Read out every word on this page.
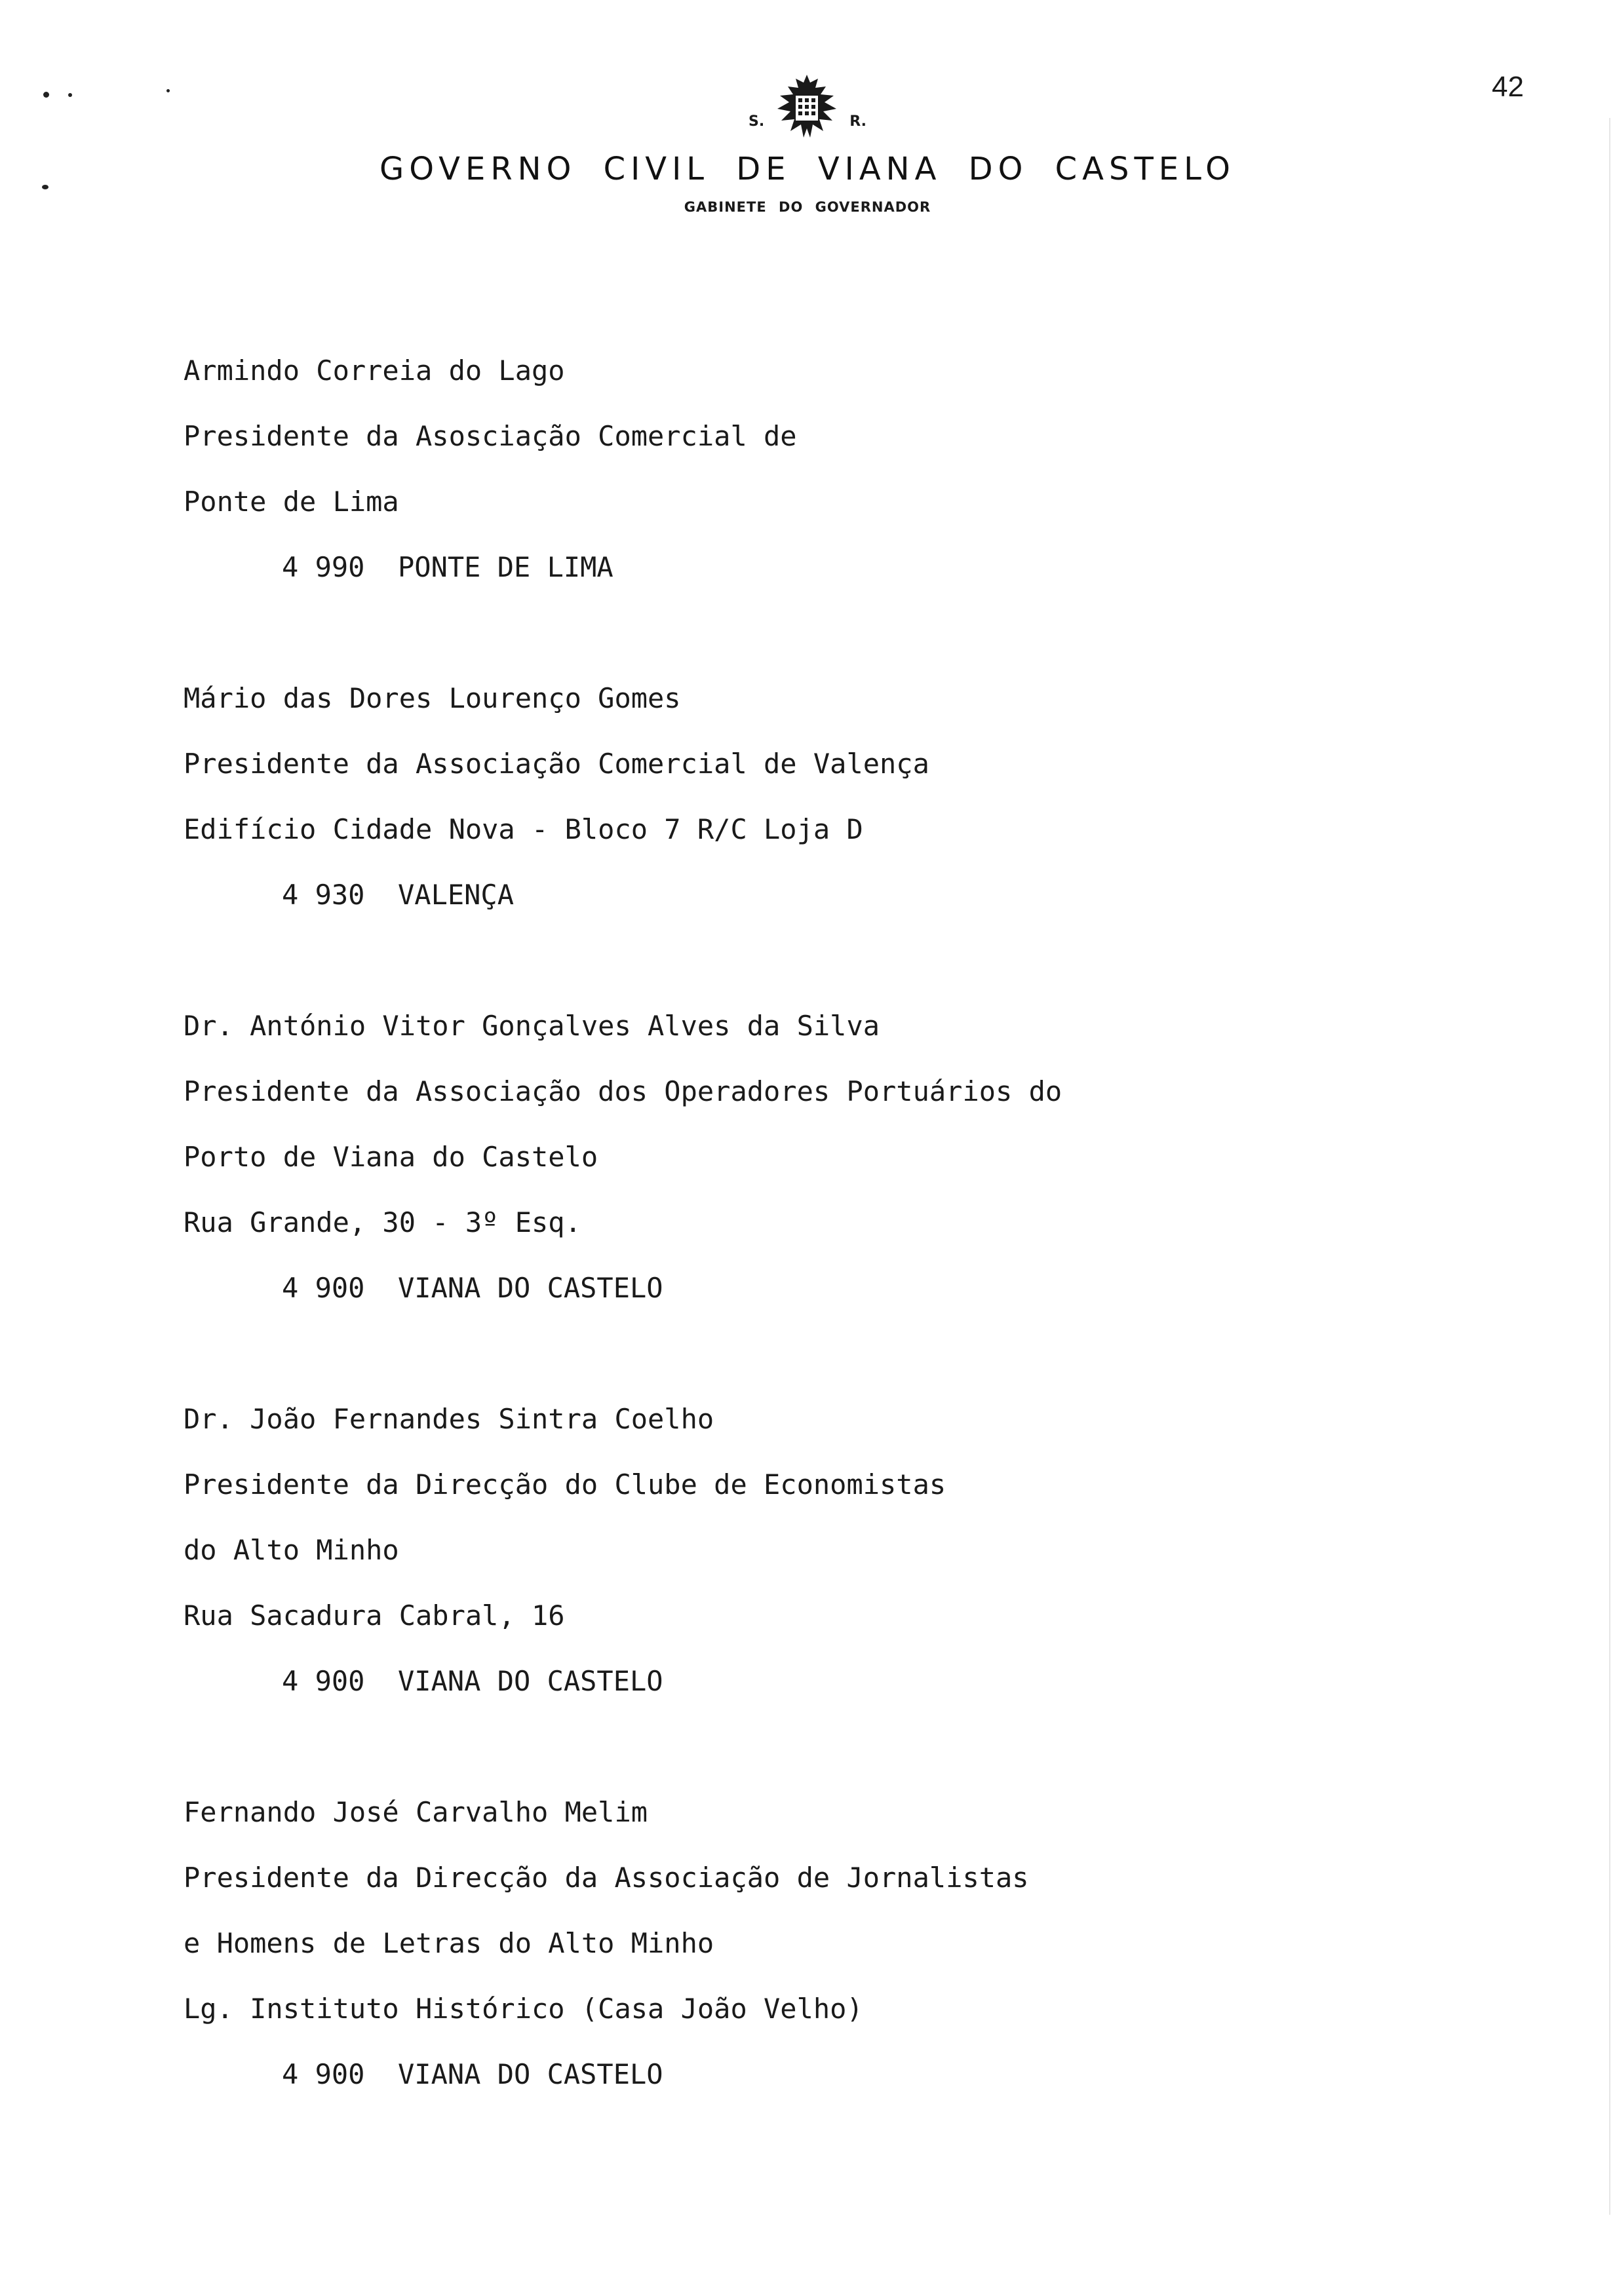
42
S.	R.
GOVERNO CIVIL DE VIANA DO CASTELO
GABINETE DO GOVERNADOR
Armindo Correia do Lago
Presidente da Asosciação Comercial de
Ponte de Lima
4 990  PONTE DE LIMA
Mário das Dores Lourenço Gomes
Presidente da Associação Comercial de Valença
Edifício Cidade Nova - Bloco 7 R/C Loja D
4 930  VALENÇA
Dr. António Vitor Gonçalves Alves da Silva
Presidente da Associação dos Operadores Portuários do
Porto de Viana do Castelo
Rua Grande, 30 - 3º Esq.
4 900  VIANA DO CASTELO
Dr. João Fernandes Sintra Coelho
Presidente da Direcção do Clube de Economistas
do Alto Minho
Rua Sacadura Cabral, 16
4 900  VIANA DO CASTELO
Fernando José Carvalho Melim
Presidente da Direcção da Associação de Jornalistas
e Homens de Letras do Alto Minho
Lg. Instituto Histórico (Casa João Velho)
4 900  VIANA DO CASTELO
